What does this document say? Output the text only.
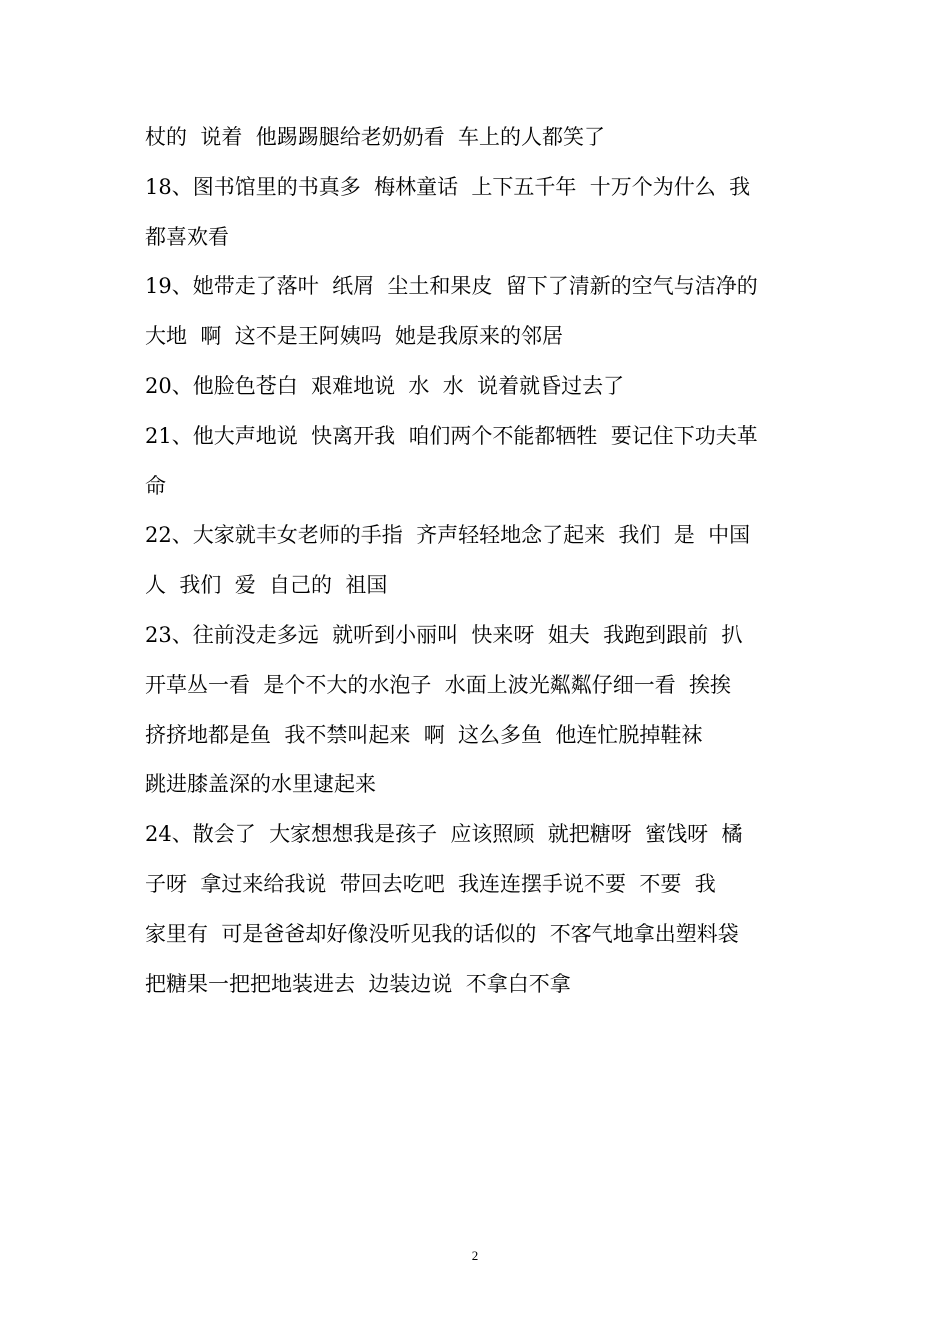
杖的  说着  他踢踢腿给老奶奶看  车上的人都笑了
18、图书馆里的书真多  梅林童话  上下五千年  十万个为什么  我
都喜欢看
19、她带走了落叶  纸屑  尘土和果皮  留下了清新的空气与洁净的
大地  啊  这不是王阿姨吗  她是我原来的邻居
20、他脸色苍白  艰难地说  水  水  说着就昏过去了
21、他大声地说  快离开我  咱们两个不能都牺牲  要记住下功夫革
命
22、大家就丰女老师的手指  齐声轻轻地念了起来  我们  是  中国
人  我们  爱  自己的  祖国
23、往前没走多远  就听到小丽叫  快来呀  姐夫  我跑到跟前  扒
开草丛一看  是个不大的水泡子  水面上波光粼粼仔细一看  挨挨
挤挤地都是鱼  我不禁叫起来  啊  这么多鱼  他连忙脱掉鞋袜
跳进膝盖深的水里逮起来
24、散会了  大家想想我是孩子  应该照顾  就把糖呀  蜜饯呀  橘
子呀  拿过来给我说  带回去吃吧  我连连摆手说不要  不要  我
家里有  可是爸爸却好像没听见我的话似的  不客气地拿出塑料袋
把糖果一把把地装进去  边装边说  不拿白不拿
2
